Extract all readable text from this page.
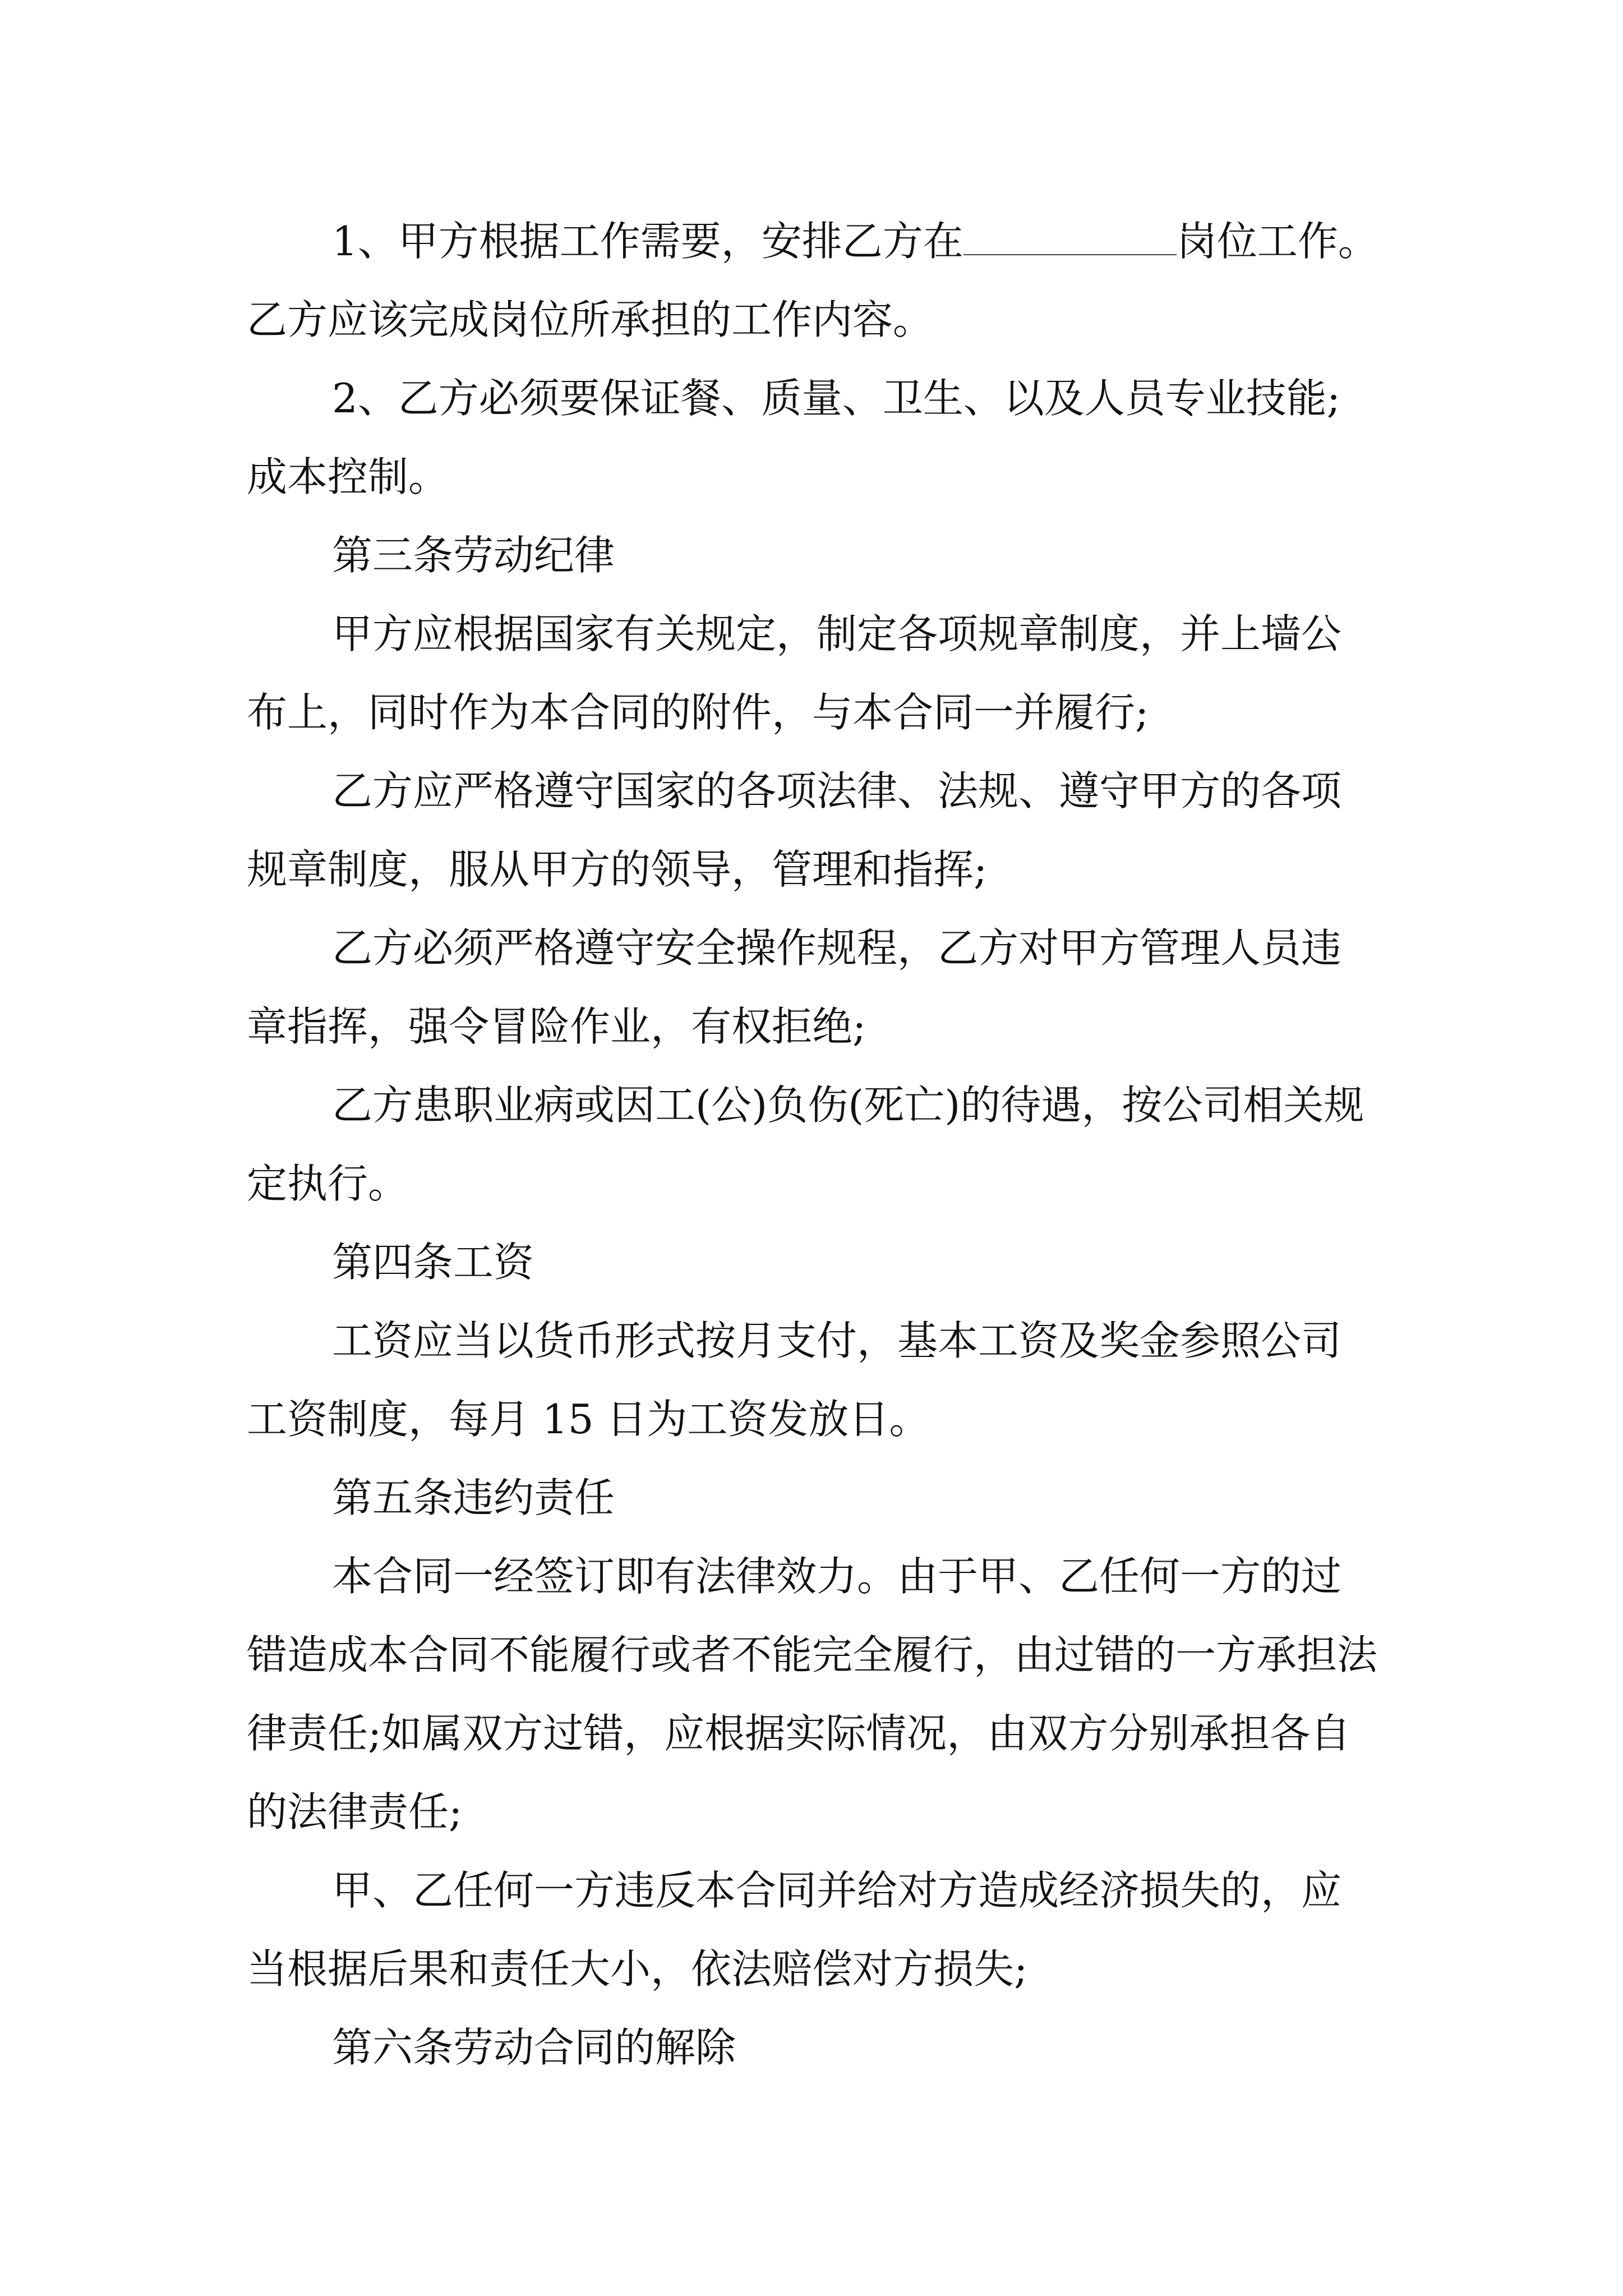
1、甲方根据工作需要，安排乙方在	岗位工作。乙方应该完成岗位所承担的工作内容。

2、乙方必须要保证餐、质量、卫生、以及人员专业技能;成本控制。

第三条劳动纪律

甲方应根据国家有关规定，制定各项规章制度，并上墙公布上，同时作为本合同的附件，与本合同一并履行;

乙方应严格遵守国家的各项法律、法规、遵守甲方的各项规章制度，服从甲方的领导，管理和指挥;

乙方必须严格遵守安全操作规程，乙方对甲方管理人员违章指挥，强令冒险作业，有权拒绝;

乙方患职业病或因工(公)负伤(死亡)的待遇，按公司相关规定执行。

第四条工资

工资应当以货币形式按月支付，基本工资及奖金参照公司工资制度，每月 15 日为工资发放日。

第五条违约责任

本合同一经签订即有法律效力。由于甲、乙任何一方的过错造成本合同不能履行或者不能完全履行，由过错的一方承担法律责任;如属双方过错，应根据实际情况，由双方分别承担各自的法律责任;

甲、乙任何一方违反本合同并给对方造成经济损失的，应当根据后果和责任大小，依法赔偿对方损失;

第六条劳动合同的解除
